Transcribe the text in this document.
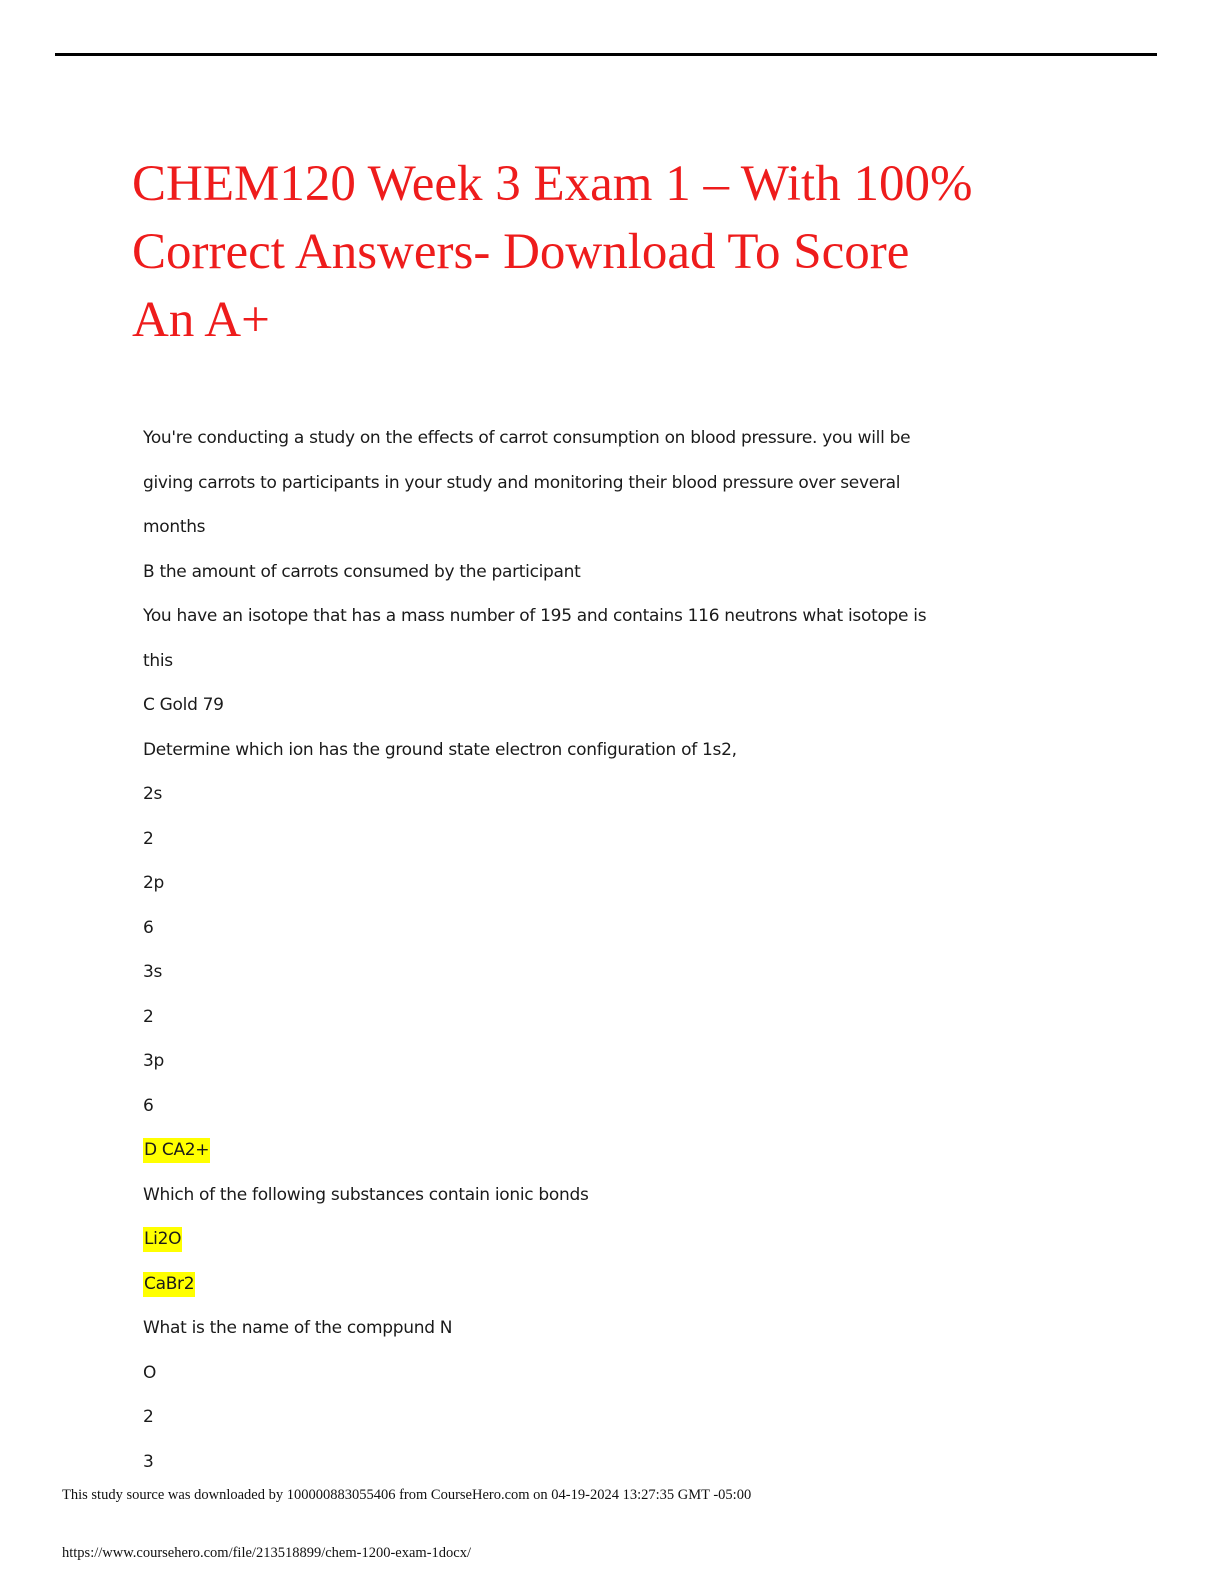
CHEM120 Week 3 Exam 1 – With 100%
Correct Answers- Download To Score
An A+
You're conducting a study on the effects of carrot consumption on blood pressure. you will be
giving carrots to participants in your study and monitoring their blood pressure over several
months
B the amount of carrots consumed by the participant
You have an isotope that has a mass number of 195 and contains 116 neutrons what isotope is
this
C Gold 79
Determine which ion has the ground state electron configuration of 1s2,
2s
2
2p
6
3s
2
3p
6
D CA2+
Which of the following substances contain ionic bonds
Li2O
CaBr2
What is the name of the comppund N
O
2
3
This study source was downloaded by 100000883055406 from CourseHero.com on 04-19-2024 13:27:35 GMT -05:00
https://www.coursehero.com/file/213518899/chem-1200-exam-1docx/
